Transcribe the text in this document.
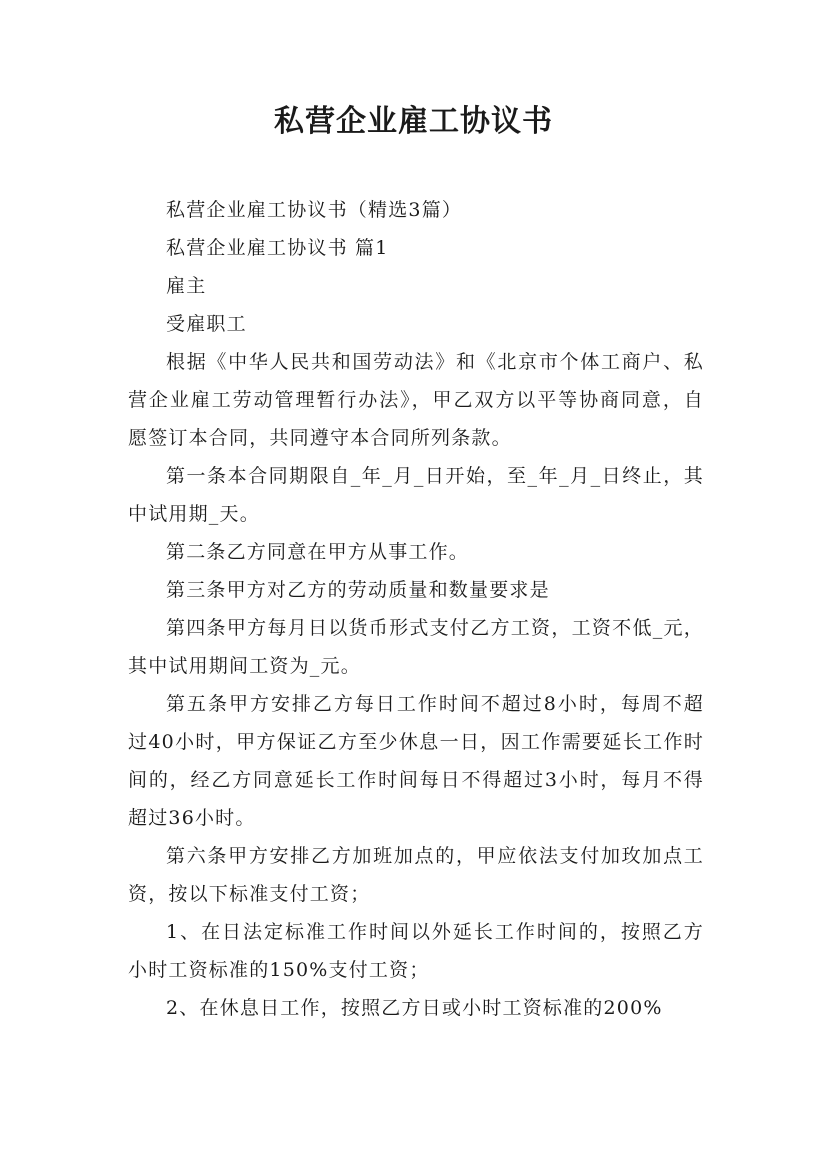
私营企业雇工协议书

私营企业雇工协议书（精选3篇）

私营企业雇工协议书 篇1

雇主

受雇职工

根据《中华人民共和国劳动法》和《北京市个体工商户、私营企业雇工劳动管理暂行办法》，甲乙双方以平等协商同意，自愿签订本合同，共同遵守本合同所列条款。

第一条本合同期限自_年_月_日开始，至_年_月_日终止，其中试用期_天。

第二条乙方同意在甲方从事工作。

第三条甲方对乙方的劳动质量和数量要求是

第四条甲方每月日以货币形式支付乙方工资，工资不低_元，其中试用期间工资为_元。

第五条甲方安排乙方每日工作时间不超过8小时，每周不超过40小时，甲方保证乙方至少休息一日，因工作需要延长工作时间的，经乙方同意延长工作时间每日不得超过3小时，每月不得超过36小时。

第六条甲方安排乙方加班加点的，甲应依法支付加玫加点工资，按以下标准支付工资；

1、在日法定标准工作时间以外延长工作时间的，按照乙方小时工资标准的150%支付工资；

2、在休息日工作，按照乙方日或小时工资标准的200%
